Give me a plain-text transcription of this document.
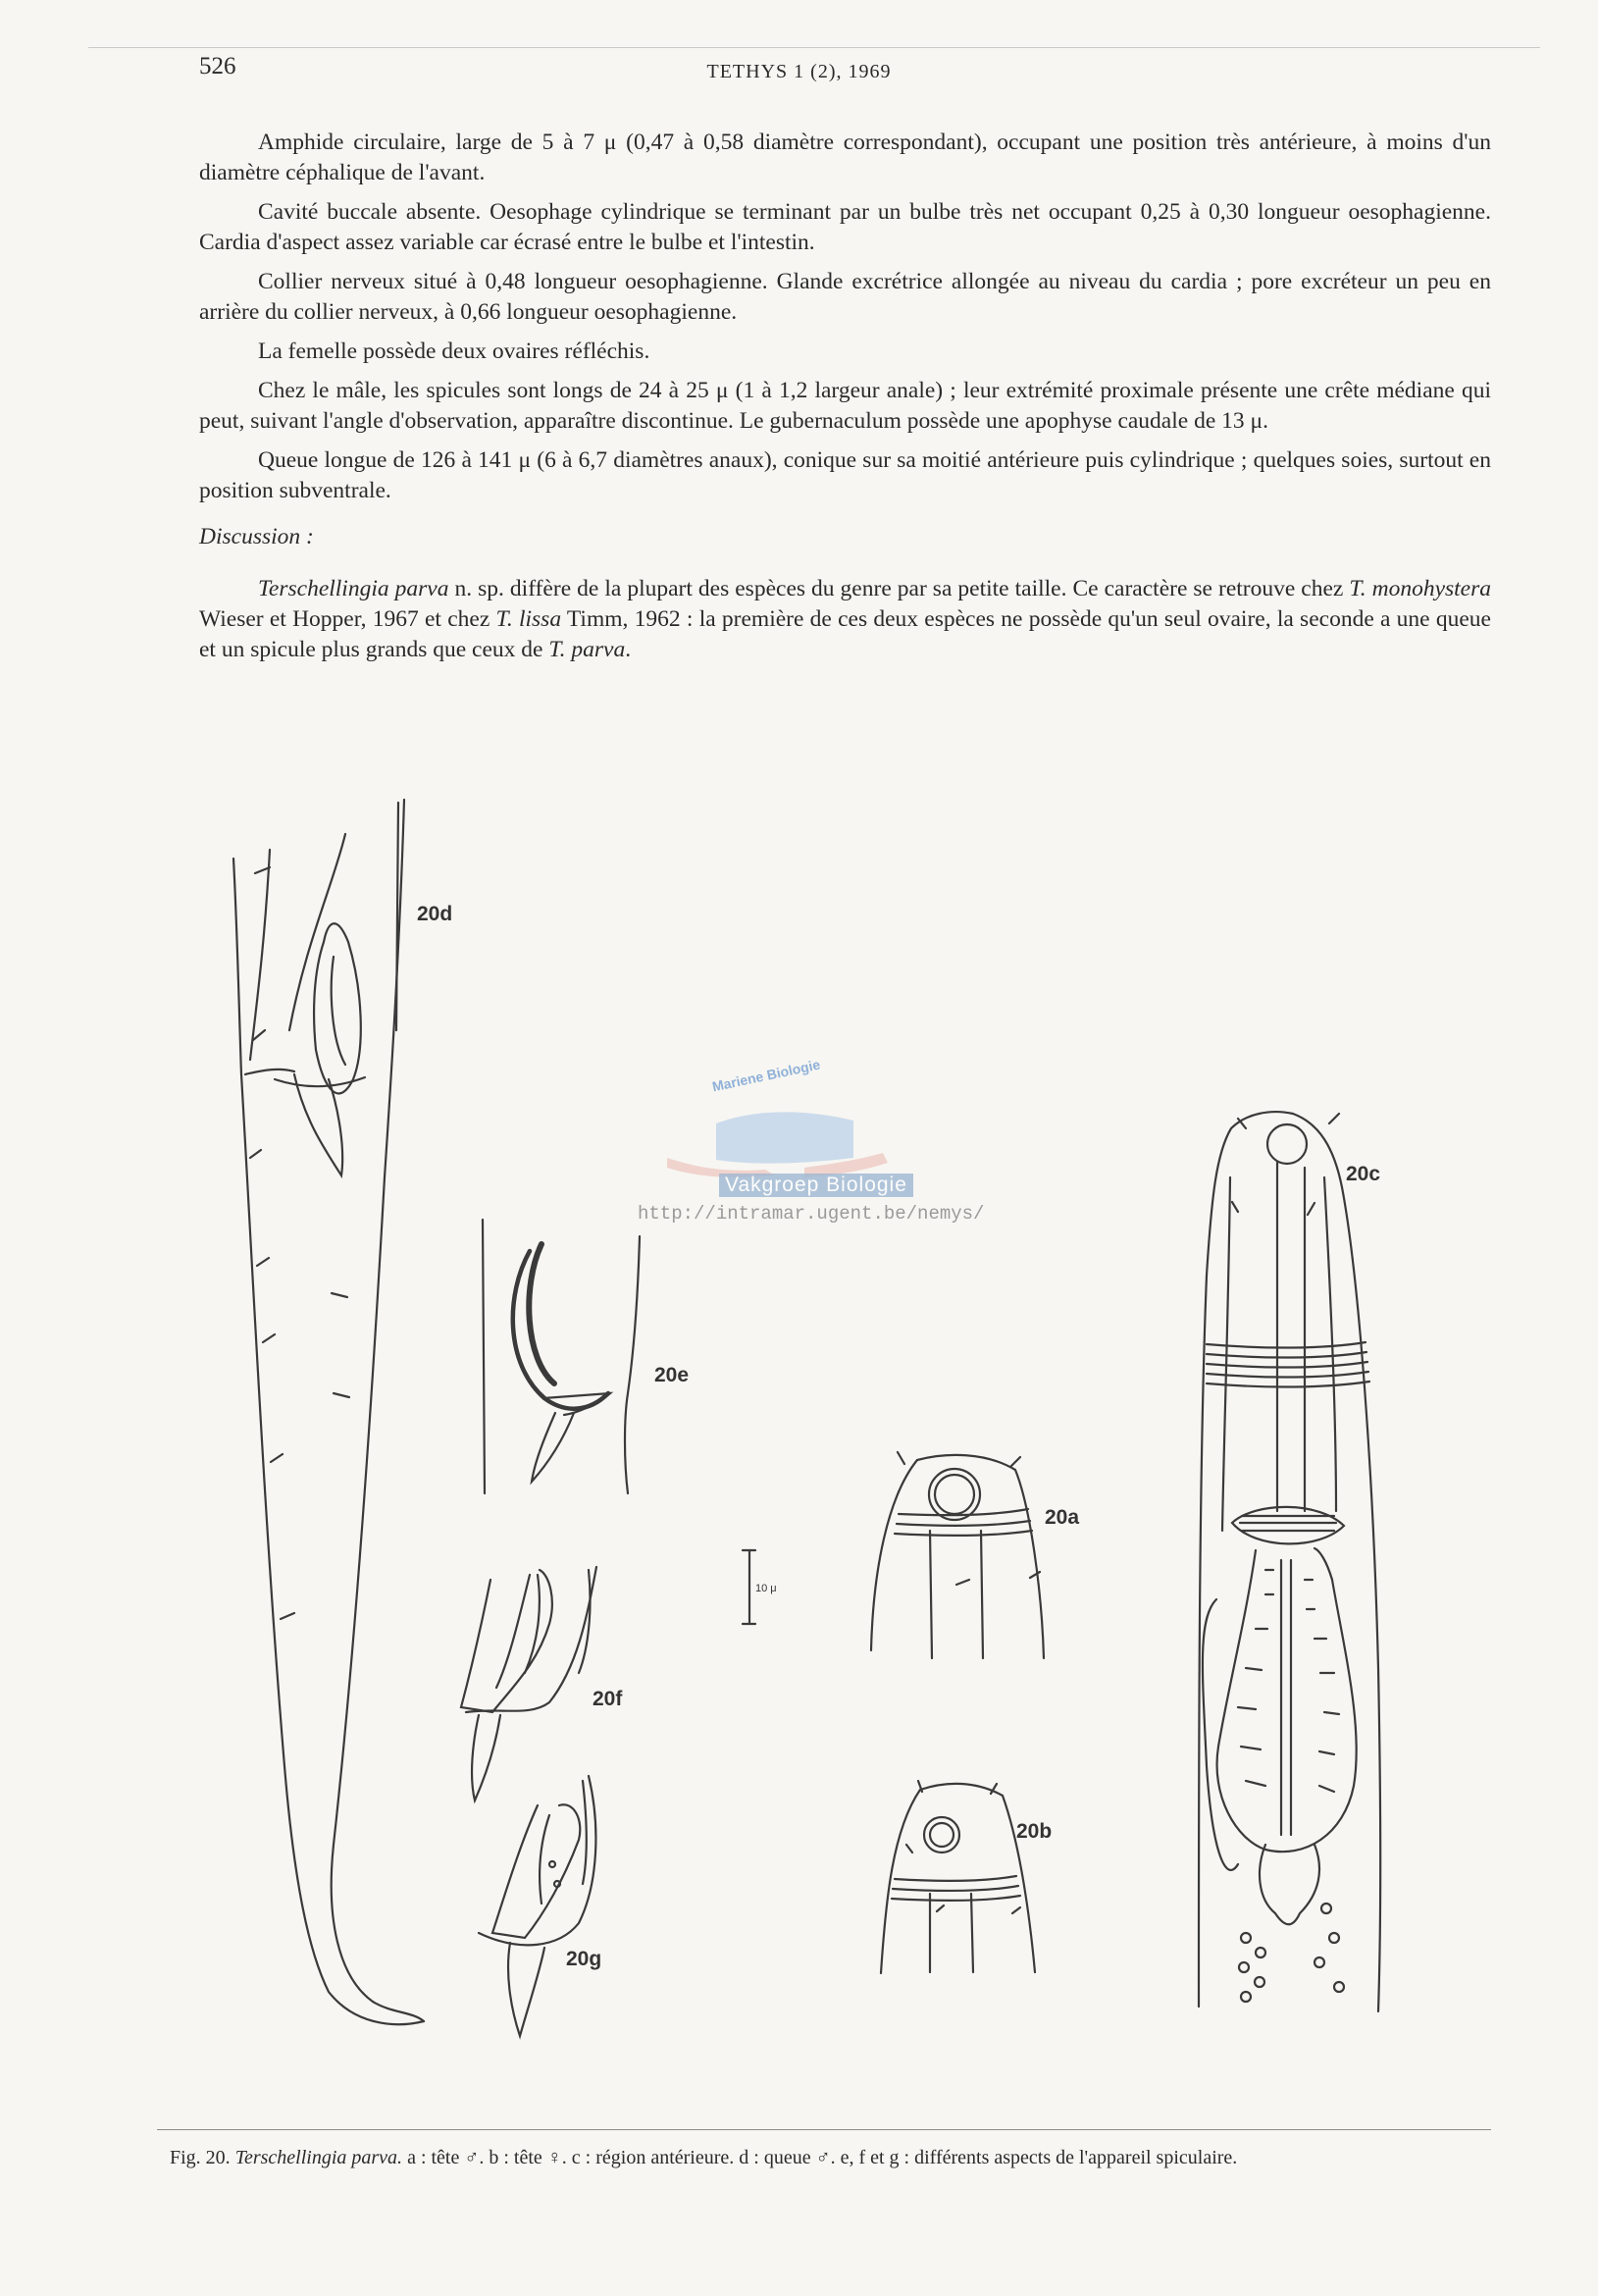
526	TETHYS 1 (2), 1969

Amphide circulaire, large de 5 à 7 μ (0,47 à 0,58 diamètre correspondant), occupant une position très antérieure, à moins d'un diamètre céphalique de l'avant.

Cavité buccale absente. Oesophage cylindrique se terminant par un bulbe très net occupant 0,25 à 0,30 longueur oesophagienne. Cardia d'aspect assez variable car écrasé entre le bulbe et l'intestin.

Collier nerveux situé à 0,48 longueur oesophagienne. Glande excrétrice allongée au niveau du cardia ; pore excréteur un peu en arrière du collier nerveux, à 0,66 longueur oesophagienne.

La femelle possède deux ovaires réfléchis.

Chez le mâle, les spicules sont longs de 24 à 25 μ (1 à 1,2 largeur anale) ; leur extrémité proximale présente une crête médiane qui peut, suivant l'angle d'observation, apparaître discontinue. Le gubernaculum possède une apophyse caudale de 13 μ.

Queue longue de 126 à 141 μ (6 à 6,7 diamètres anaux), conique sur sa moitié antérieure puis cylindrique ; quelques soies, surtout en position subventrale.

Discussion :

Terschellingia parva n. sp. diffère de la plupart des espèces du genre par sa petite taille. Ce caractère se retrouve chez T. monohystera Wieser et Hopper, 1967 et chez T. lissa Timm, 1962 : la première de ces deux espèces ne possède qu'un seul ovaire, la seconde a une queue et un spicule plus grands que ceux de T. parva.

20d
20c
20e
20a
10 μ
20f
20b
20g
Mariene Biologie
Vakgroep Biologie
http://intramar.ugent.be/nemys/
Fig. 20. Terschellingia parva. a : tête ♂. b : tête ♀. c : région antérieure. d : queue ♂. e, f et g : différents aspects de l'appareil spiculaire.
